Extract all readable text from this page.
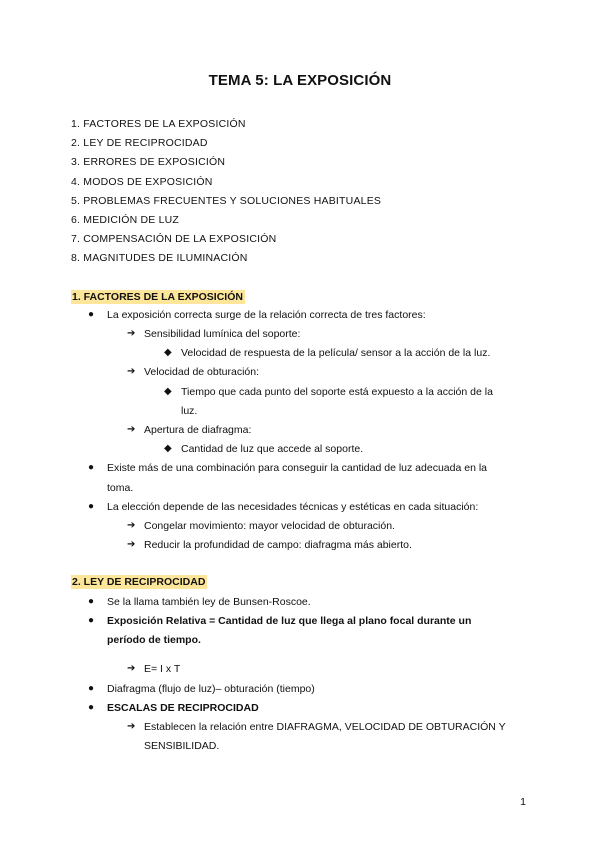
TEMA 5: LA EXPOSICIÓN
1. FACTORES DE LA EXPOSICIÓN
2. LEY DE RECIPROCIDAD
3. ERRORES DE EXPOSICIÓN
4. MODOS DE EXPOSICIÓN
5. PROBLEMAS FRECUENTES Y SOLUCIONES HABITUALES
6. MEDICIÓN DE LUZ
7. COMPENSACIÓN DE LA EXPOSICIÓN
8. MAGNITUDES DE ILUMINACIÓN
1. FACTORES DE LA EXPOSICIÓN
● La exposición correcta surge de la relación correcta de tres factores:
➔ Sensibilidad lumínica del soporte:
◆ Velocidad de respuesta de la película/ sensor a la acción de la luz.
➔ Velocidad de obturación:
◆ Tiempo que cada punto del soporte está expuesto a la acción de la
luz.
➔ Apertura de diafragma:
◆ Cantidad de luz que accede al soporte.
● Existe más de una combinación para conseguir la cantidad de luz adecuada en la
toma.
● La elección depende de las necesidades técnicas y estéticas en cada situación:
➔ Congelar movimiento: mayor velocidad de obturación.
➔ Reducir la profundidad de campo: diafragma más abierto.
2. LEY DE RECIPROCIDAD
● Se la llama también ley de Bunsen-Roscoe.
● Exposición Relativa = Cantidad de luz que llega al plano focal durante un
período de tiempo.
➔ E= I x T
● Diafragma (flujo de luz)– obturación (tiempo)
● ESCALAS DE RECIPROCIDAD
➔ Establecen la relación entre DIAFRAGMA, VELOCIDAD DE OBTURACIÓN Y
SENSIBILIDAD.
1
